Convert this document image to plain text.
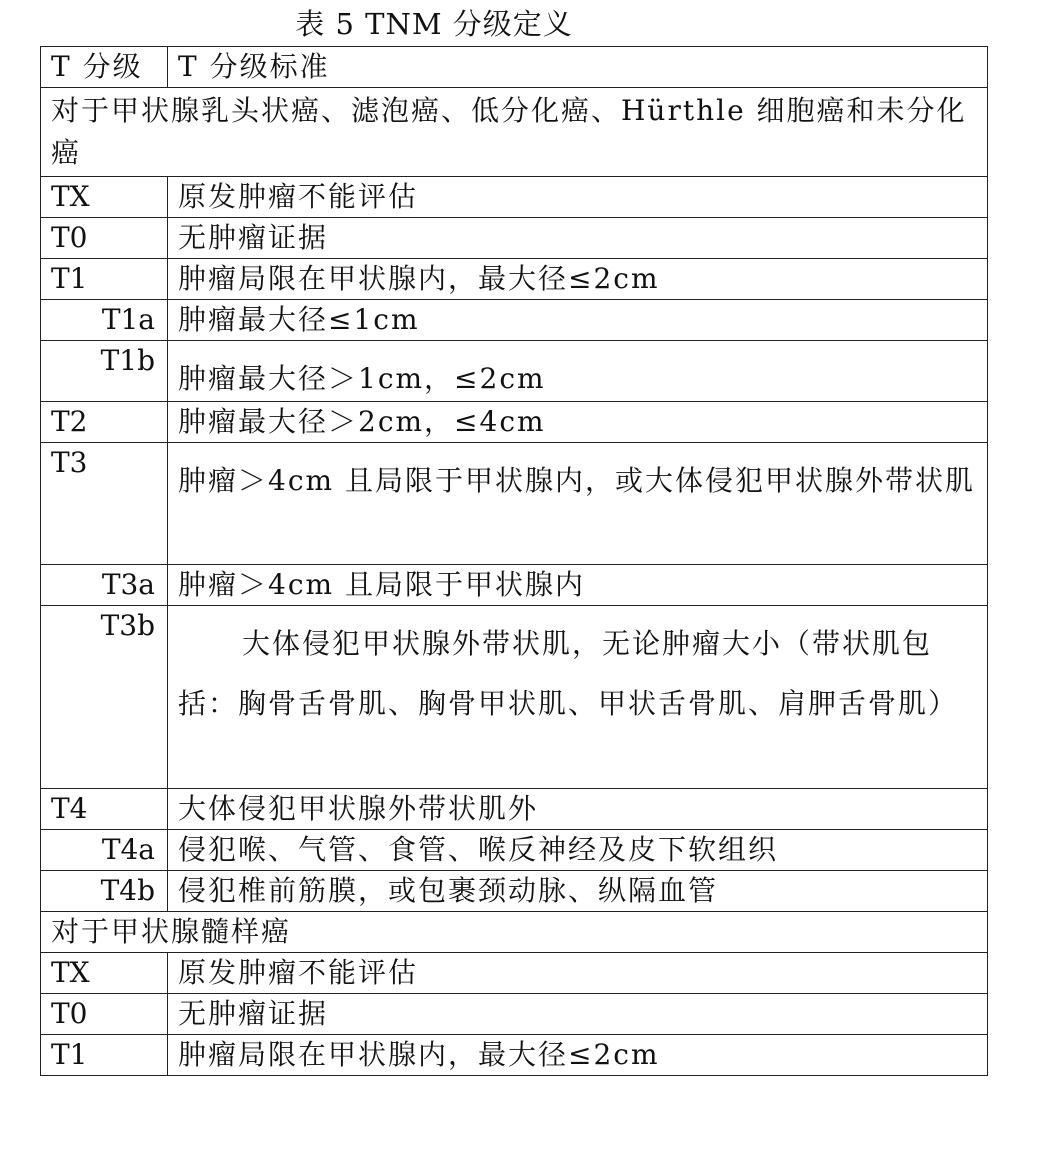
表 5 TNM 分级定义
T 分级	T 分级标准
对于甲状腺乳头状癌、滤泡癌、低分化癌、Hürthle 细胞癌和未分化癌	
TX	原发肿瘤不能评估
T0	无肿瘤证据
T1	肿瘤局限在甲状腺内，最大径≤2cm
T1a	肿瘤最大径≤1cm
T1b	肿瘤最大径＞1cm，≤2cm
T2	肿瘤最大径＞2cm，≤4cm
T3	肿瘤＞4cm 且局限于甲状腺内，或大体侵犯甲状腺外带状肌
T3a	肿瘤＞4cm 且局限于甲状腺内
T3b	大体侵犯甲状腺外带状肌，无论肿瘤大小（带状肌包括：胸骨舌骨肌、胸骨甲状肌、甲状舌骨肌、肩胛舌骨肌）
T4	大体侵犯甲状腺外带状肌外
T4a	侵犯喉、气管、食管、喉反神经及皮下软组织
T4b	侵犯椎前筋膜，或包裹颈动脉、纵隔血管
对于甲状腺髓样癌	
TX	原发肿瘤不能评估
T0	无肿瘤证据
T1	肿瘤局限在甲状腺内，最大径≤2cm
